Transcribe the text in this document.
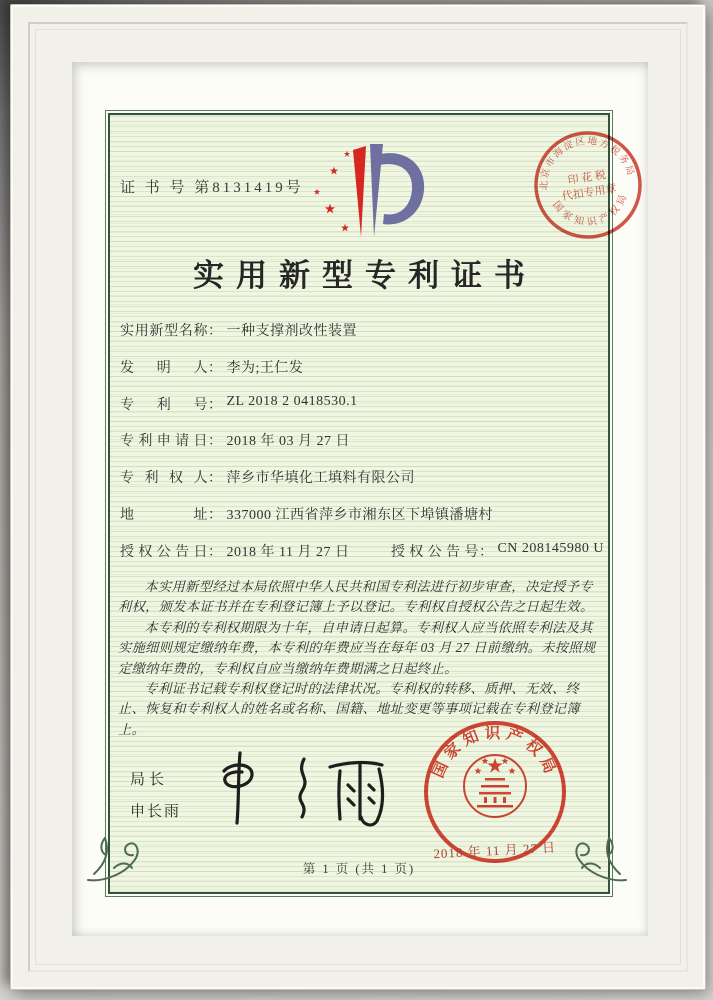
证 书 号 第8131419号	北京市海淀区地方税务局
国家知识产权局
印 花 税
代扣专用章
实用新型专利证书
实用新型名称 ： 一种支撑剂改性装置
发明人 ： 李为;王仁发
专利号 ： ZL 2018 2 0418530.1
专利申请日 ： 2018 年 03 月 27 日
专利权人 ： 萍乡市华填化工填料有限公司
地址 ： 337000 江西省萍乡市湘东区下埠镇潘塘村
授权公告日 ： 2018 年 11 月 27 日	授权公告号 ： CN 208145980 U

本实用新型经过本局依照中华人民共和国专利法进行初步审查，决定授予专利权，颁发本证书并在专利登记簿上予以登记。专利权自授权公告之日起生效。

本专利的专利权期限为十年，自申请日起算。专利权人应当依照专利法及其实施细则规定缴纳年费，本专利的年费应当在每年 03 月 27 日前缴纳。未按照规定缴纳年费的，专利权自应当缴纳年费期满之日起终止。

专利证书记载专利权登记时的法律状况。专利权的转移、质押、无效、终止、恢复和专利权人的姓名或名称、国籍、地址变更等事项记载在专利登记簿上。

局长
申长雨
国家知识产权局
2018 年 11 月 27 日
第 1 页 (共 1 页)
